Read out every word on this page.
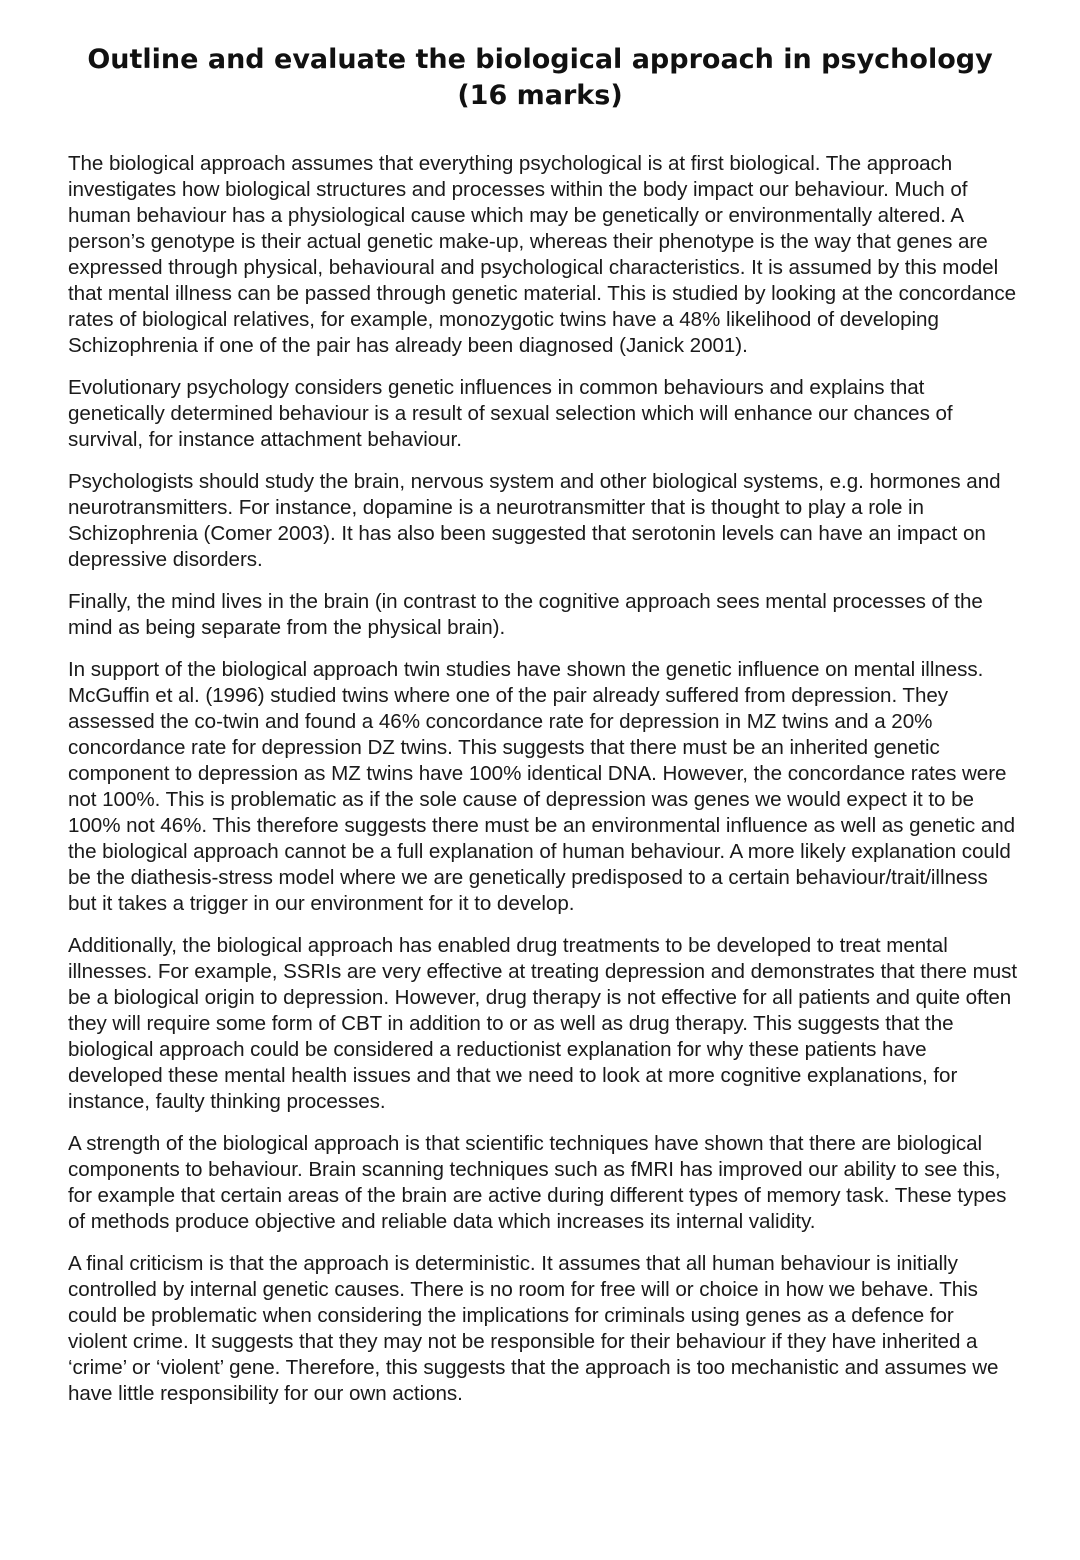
Outline and evaluate the biological approach in psychology
(16 marks)

The biological approach assumes that everything psychological is at first biological. The approach investigates how biological structures and processes within the body impact our behaviour. Much of human behaviour has a physiological cause which may be genetically or environmentally altered. A person’s genotype is their actual genetic make-up, whereas their phenotype is the way that genes are expressed through physical, behavioural and psychological characteristics. It is assumed by this model that mental illness can be passed through genetic material. This is studied by looking at the concordance rates of biological relatives, for example, monozygotic twins have a 48% likelihood of developing Schizophrenia if one of the pair has already been diagnosed (Janick 2001).

Evolutionary psychology considers genetic influences in common behaviours and explains that genetically determined behaviour is a result of sexual selection which will enhance our chances of survival, for instance attachment behaviour.

Psychologists should study the brain, nervous system and other biological systems, e.g. hormones and neurotransmitters. For instance, dopamine is a neurotransmitter that is thought to play a role in Schizophrenia (Comer 2003). It has also been suggested that serotonin levels can have an impact on depressive disorders.

Finally, the mind lives in the brain (in contrast to the cognitive approach sees mental processes of the mind as being separate from the physical brain).

In support of the biological approach twin studies have shown the genetic influence on mental illness. McGuffin et al. (1996) studied twins where one of the pair already suffered from depression. They assessed the co-twin and found a 46% concordance rate for depression in MZ twins and a 20% concordance rate for depression DZ twins. This suggests that there must be an inherited genetic component to depression as MZ twins have 100% identical DNA. However, the concordance rates were not 100%. This is problematic as if the sole cause of depression was genes we would expect it to be 100% not 46%. This therefore suggests there must be an environmental influence as well as genetic and the biological approach cannot be a full explanation of human behaviour. A more likely explanation could be the diathesis-stress model where we are genetically predisposed to a certain behaviour/trait/illness but it takes a trigger in our environment for it to develop.

Additionally, the biological approach has enabled drug treatments to be developed to treat mental illnesses. For example, SSRIs are very effective at treating depression and demonstrates that there must be a biological origin to depression. However, drug therapy is not effective for all patients and quite often they will require some form of CBT in addition to or as well as drug therapy. This suggests that the biological approach could be considered a reductionist explanation for why these patients have developed these mental health issues and that we need to look at more cognitive explanations, for instance, faulty thinking processes.

A strength of the biological approach is that scientific techniques have shown that there are biological components to behaviour. Brain scanning techniques such as fMRI has improved our ability to see this, for example that certain areas of the brain are active during different types of memory task. These types of methods produce objective and reliable data which increases its internal validity.

A final criticism is that the approach is deterministic. It assumes that all human behaviour is initially controlled by internal genetic causes. There is no room for free will or choice in how we behave. This could be problematic when considering the implications for criminals using genes as a defence for violent crime. It suggests that they may not be responsible for their behaviour if they have inherited a ‘crime’ or ‘violent’ gene. Therefore, this suggests that the approach is too mechanistic and assumes we have little responsibility for our own actions.
